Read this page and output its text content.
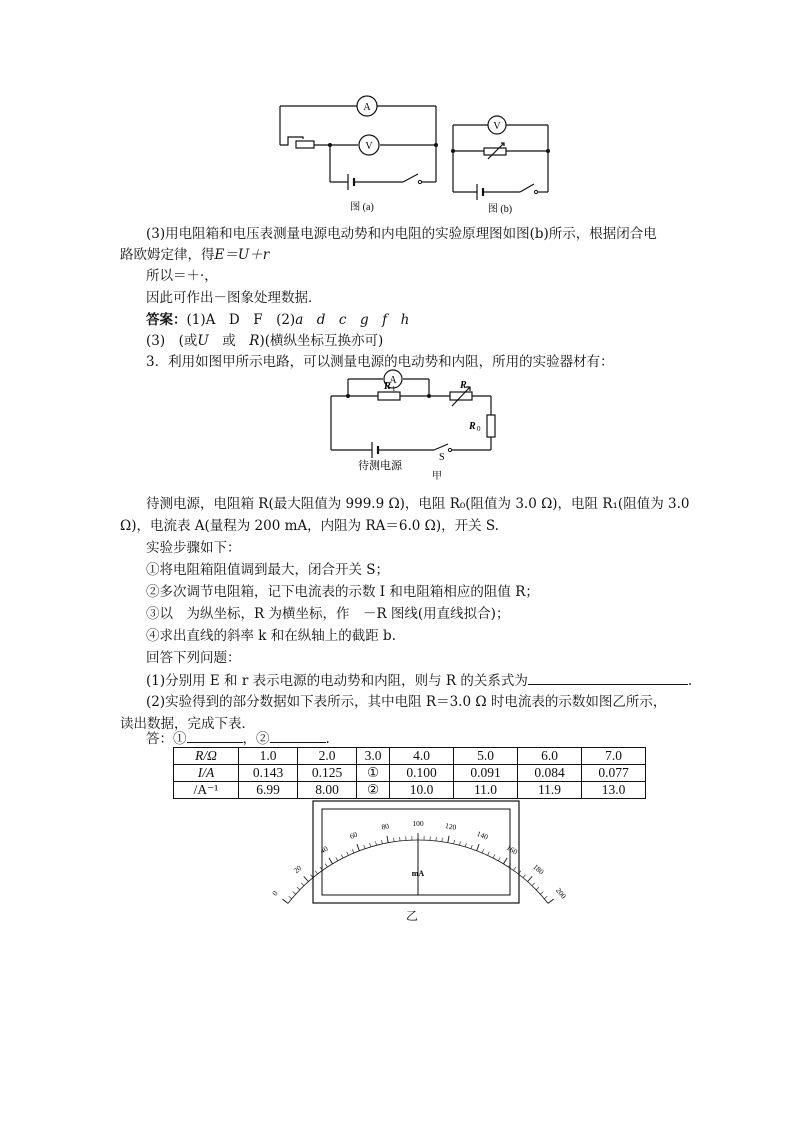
A
V
图 (a)
V
图 (b)
(3)用电阻箱和电压表测量电源电动势和内电阻的实验原理图如图(b)所示，根据闭合电
路欧姆定律，得E＝U＋r
所以＝＋·，
因此可作出－图象处理数据．
答案：(1)A　D　F　(2)a　d　c　g　f　h
(3)　(或U　或　R)(横纵坐标互换亦可)
3．利用如图甲所示电路，可以测量电源的电动势和内阻，所用的实验器材有：
A	R
R 1
R 0
待测电源
S
甲
待测电源，电阻箱 R(最大阻值为 999.9 Ω)，电阻 R₀(阻值为 3.0 Ω)，电阻 R₁(阻值为 3.0
Ω)，电流表 A(量程为 200 mA，内阻为 RA＝6.0 Ω)，开关 S.
实验步骤如下：
①将电阻箱阻值调到最大，闭合开关 S；
②多次调节电阻箱，记下电流表的示数 I 和电阻箱相应的阻值 R；
③以　为纵坐标，R 为横坐标，作　－R 图线(用直线拟合)；
④求出直线的斜率 k 和在纵轴上的截距 b.
回答下列问题：
(1)分别用 E 和 r 表示电源的电动势和内阻，则与 R 的关系式为	.
(2)实验得到的部分数据如下表所示，其中电阻 R＝3.0 Ω 时电流表的示数如图乙所示，
读出数据，完成下表．
答：①	，②	.
R/Ω	1.0	2.0	3.0	4.0	5.0	6.0	7.0
I/A	0.143	0.125	①	0.100	0.091	0.084	0.077
/A⁻¹	6.99	8.00	②	10.0	11.0	11.9	13.0
0
20
40
60
80	100	120
140
160
180
200
mA
乙
